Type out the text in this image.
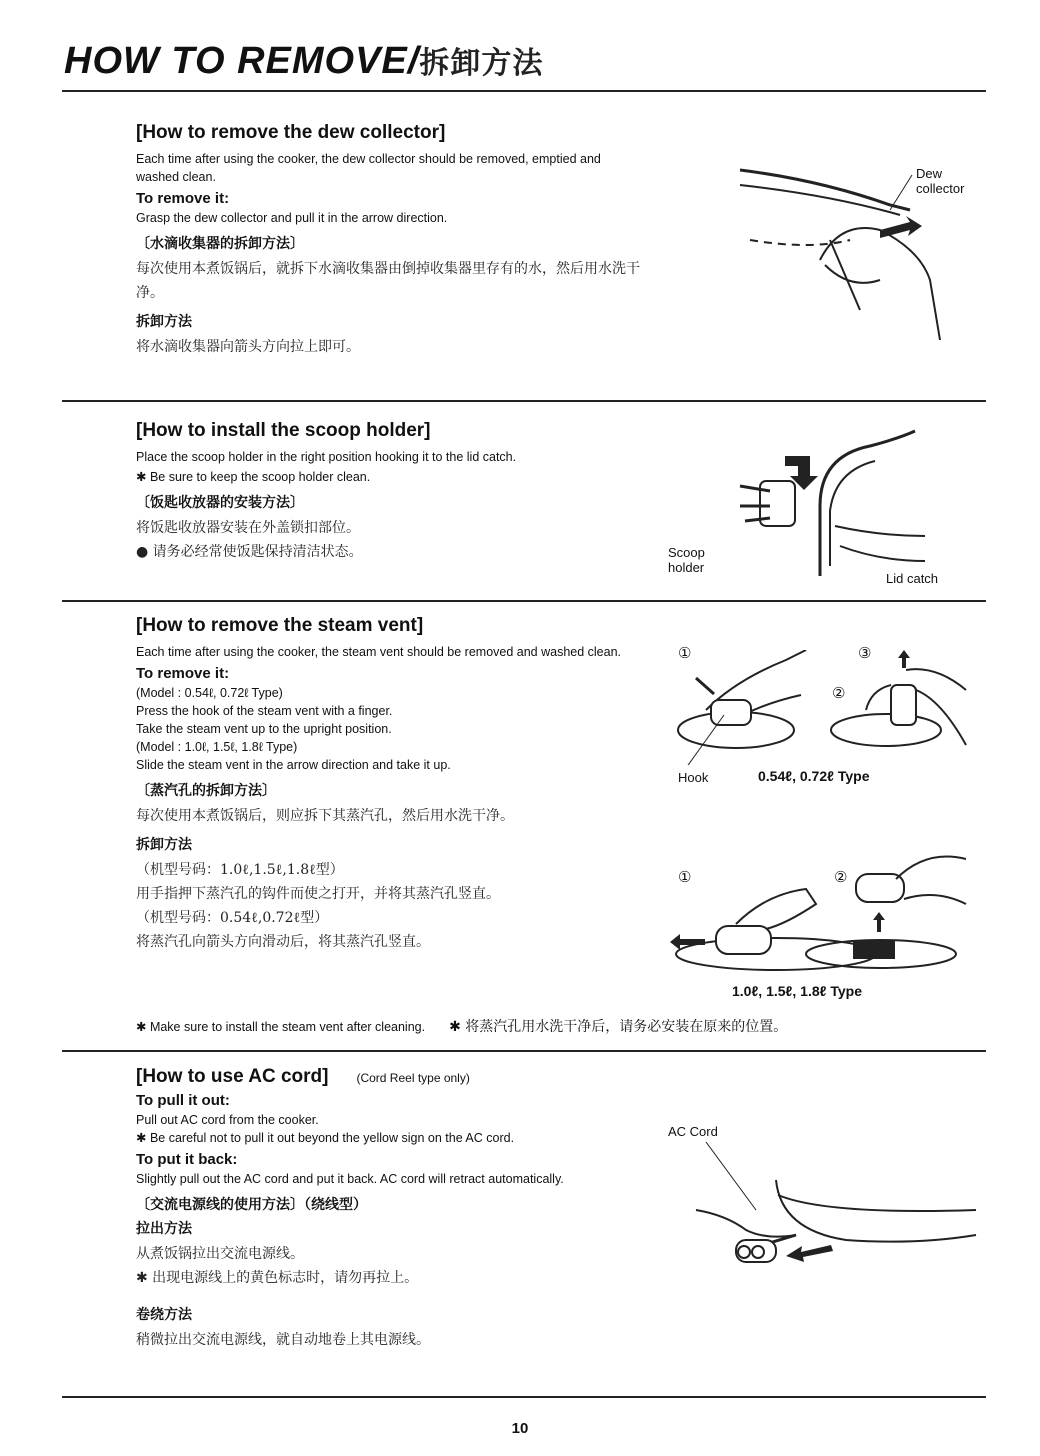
HOW TO REMOVE/拆卸方法

[How to remove the dew collector]

Each time after using the cooker, the dew collector should be removed, emptied and washed clean.

To remove it:

Grasp the dew collector and pull it in the arrow direction.

〔水滴收集器的拆卸方法〕

每次使用本煮饭锅后，就拆下水滴收集器由倒掉收集器里存有的水，然后用水洗干净。

拆卸方法

将水滴收集器向箭头方向拉上即可。

Dew collector

[How to install the scoop holder]

Place the scoop holder in the right position hooking it to the lid catch.

✱ Be sure to keep the scoop holder clean.

〔饭匙收放器的安装方法〕

将饭匙收放器安装在外盖锁扣部位。

● 请务必经常使饭匙保持清洁状态。	Scoop holder
Lid catch

[How to remove the steam vent]

Each time after using the cooker, the steam vent should be removed and washed clean.

To remove it:

(Model : 0.54ℓ, 0.72ℓ Type)

Press the hook of the steam vent with a finger.

Take the steam vent up to the upright position.

(Model : 1.0ℓ, 1.5ℓ, 1.8ℓ Type)

Slide the steam vent in the arrow direction and take it up.

〔蒸汽孔的拆卸方法〕

每次使用本煮饭锅后，则应拆下其蒸汽孔，然后用水洗干净。

拆卸方法

（机型号码：1.0ℓ,1.5ℓ,1.8ℓ型）

用手指押下蒸汽孔的钩件而使之打开，并将其蒸汽孔竖直。

（机型号码：0.54ℓ,0.72ℓ型）

将蒸汽孔向箭头方向滑动后，将其蒸汽孔竖直。

①	③
②
Hook	0.54ℓ, 0.72ℓ Type
①	②
1.0ℓ, 1.5ℓ, 1.8ℓ Type
✱ Make sure to install the steam vent after cleaning. ✱ 将蒸汽孔用水洗干净后，请务必安装在原来的位置。

[How to use AC cord] (Cord Reel type only)

To pull it out:

Pull out AC cord from the cooker.

✱ Be careful not to pull it out beyond the yellow sign on the AC cord.

To put it back:

Slightly pull out the AC cord and put it back. AC cord will retract automatically.

〔交流电源线的使用方法〕（绕线型）

拉出方法

从煮饭锅拉出交流电源线。

✱ 出现电源线上的黄色标志时，请勿再拉上。

卷绕方法

稍微拉出交流电源线，就自动地卷上其电源线。

AC Cord
10
